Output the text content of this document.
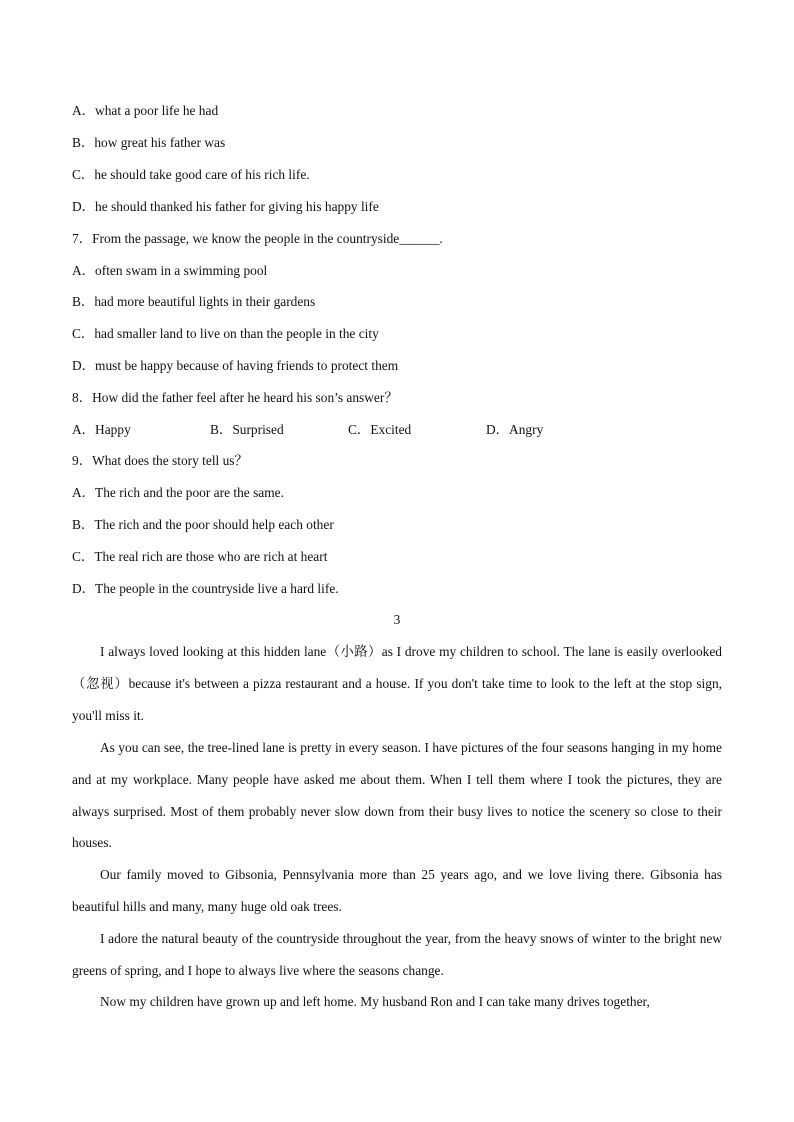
A．what a poor life he had
B．how great his father was
C．he should take good care of his rich life.
D．he should thanked his father for giving his happy life
7．From the passage, we know the people in the countryside______.
A．often swam in a swimming pool
B．had more beautiful lights in their gardens
C．had smaller land to live on than the people in the city
D．must be happy because of having friends to protect them
8．How did the father feel after he heard his son’s answer？
A．Happy	B．Surprised	C．Excited	D．Angry
9．What does the story tell us？
A．The rich and the poor are the same.
B．The rich and the poor should help each other
C．The real rich are those who are rich at heart
D．The people in the countryside live a hard life.
3

I always loved looking at this hidden lane（小路）as I drove my children to school. The lane is easily overlooked（忽视）because it's between a pizza restaurant and a house. If you don't take time to look to the left at the stop sign, you'll miss it.

As you can see, the tree-lined lane is pretty in every season. I have pictures of the four seasons hanging in my home and at my workplace. Many people have asked me about them. When I tell them where I took the pictures, they are always surprised. Most of them probably never slow down from their busy lives to notice the scenery so close to their houses.

Our family moved to Gibsonia, Pennsylvania more than 25 years ago, and we love living there. Gibsonia has beautiful hills and many, many huge old oak trees.

I adore the natural beauty of the countryside throughout the year, from the heavy snows of winter to the bright new greens of spring, and I hope to always live where the seasons change.

Now my children have grown up and left home. My husband Ron and I can take many drives together,
